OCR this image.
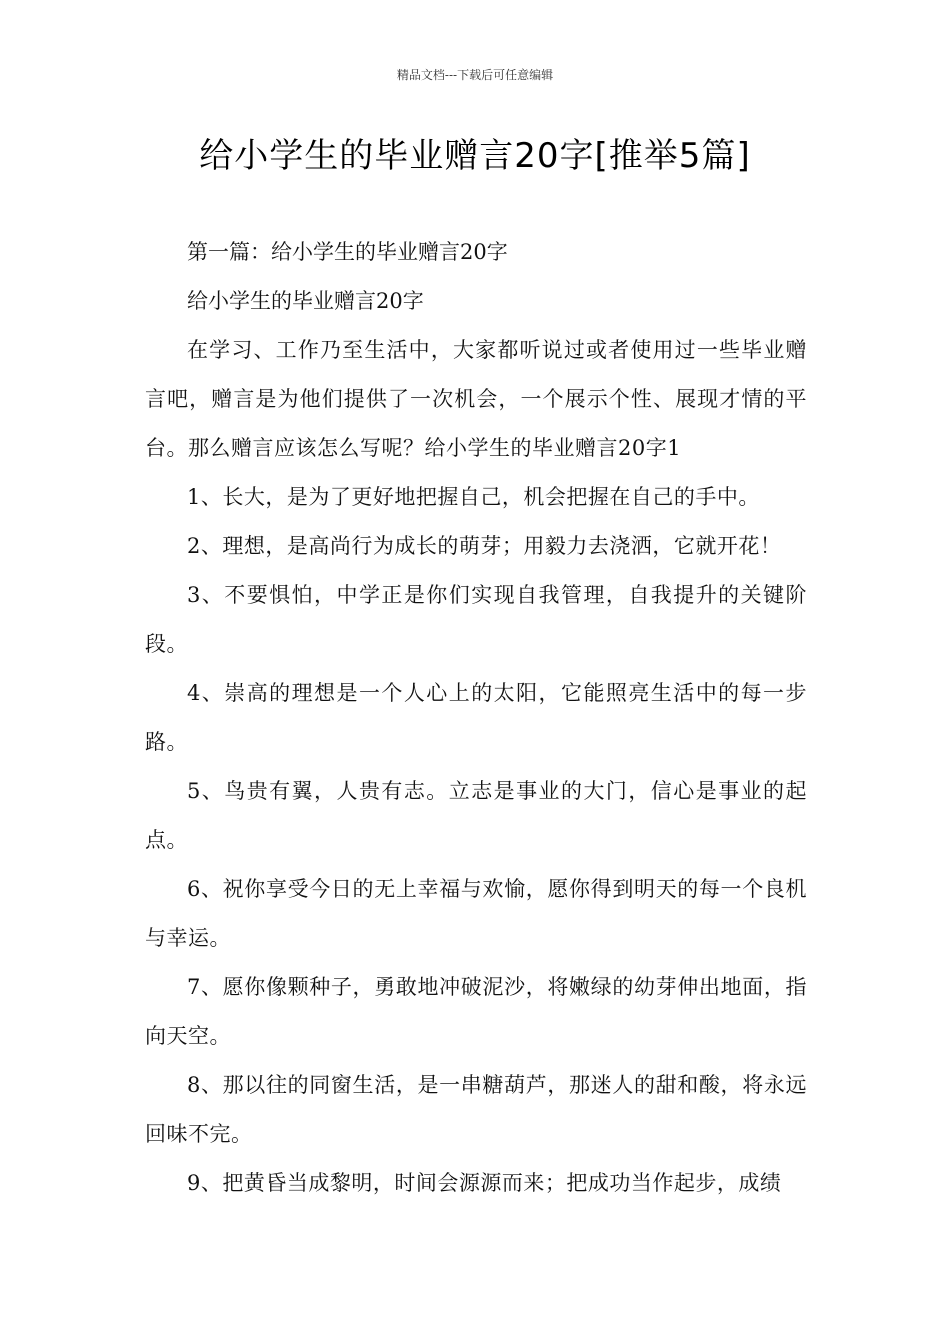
精品文档---下载后可任意编辑
给小学生的毕业赠言20字[推举5篇]

第一篇：给小学生的毕业赠言20字

给小学生的毕业赠言20字

在学习、工作乃至生活中，大家都听说过或者使用过一些毕业赠言吧，赠言是为他们提供了一次机会，一个展示个性、展现才情的平台。那么赠言应该怎么写呢？给小学生的毕业赠言20字1

1、长大，是为了更好地把握自己，机会把握在自己的手中。

2、理想，是高尚行为成长的萌芽；用毅力去浇洒，它就开花！

3、不要惧怕，中学正是你们实现自我管理，自我提升的关键阶段。

4、崇高的理想是一个人心上的太阳，它能照亮生活中的每一步路。

5、鸟贵有翼，人贵有志。立志是事业的大门，信心是事业的起点。

6、祝你享受今日的无上幸福与欢愉，愿你得到明天的每一个良机与幸运。

7、愿你像颗种子，勇敢地冲破泥沙，将嫩绿的幼芽伸出地面，指向天空。

8、那以往的同窗生活，是一串糖葫芦，那迷人的甜和酸，将永远回味不完。

9、把黄昏当成黎明，时间会源源而来；把成功当作起步，成绩
